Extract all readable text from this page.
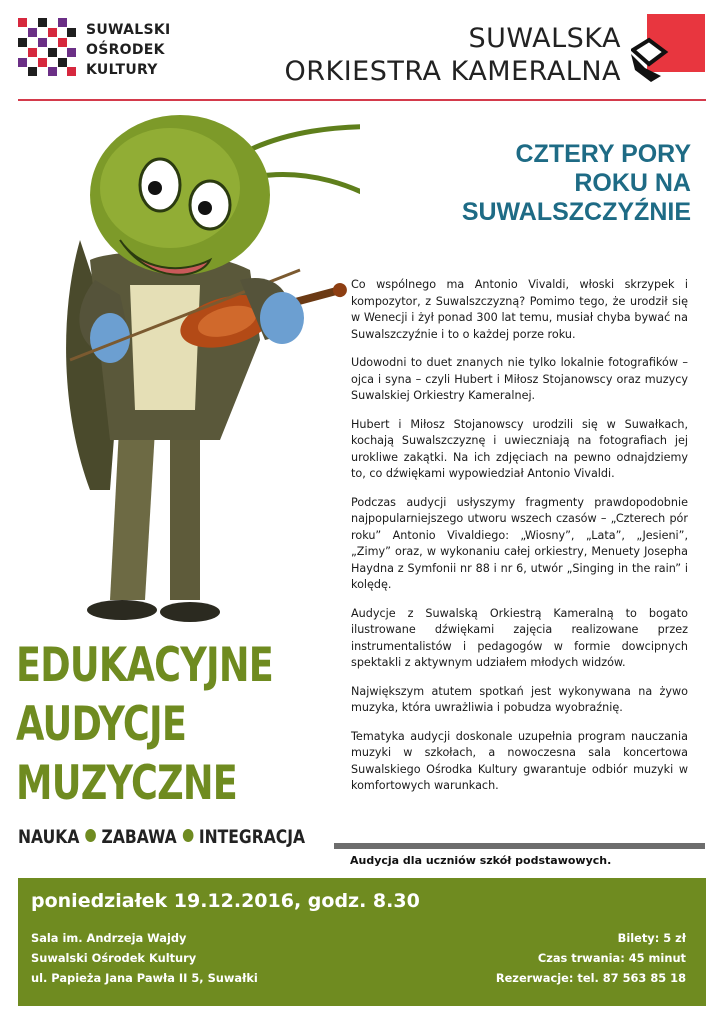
SUWALSKI
OŚRODEK
KULTURY
SUWALSKA
ORKIESTRA KAMERALNA
CZTERY PORY
ROKU NA
SUWALSZCZYŹNIE

Co wspólnego ma Antonio Vivaldi, włoski skrzypek i kompozytor, z Suwalszczyzną? Pomimo tego, że urodził się w Wenecji i żył ponad 300 lat temu, musiał chyba bywać na Suwalszczyźnie i to o każdej porze roku.

Udowodni to duet znanych nie tylko lokalnie fotografików – ojca i syna – czyli Hubert i Miłosz Stojanowscy oraz muzycy Suwalskiej Orkiestry Kameralnej.

Hubert i Miłosz Stojanowscy urodzili się w Suwałkach, kochają Suwalszczyznę i uwieczniają na fotografiach jej urokliwe zakątki. Na ich zdjęciach na pewno odnajdziemy to, co dźwiękami wypowiedział Antonio Vivaldi.

Podczas audycji usłyszymy fragmenty prawdopodobnie najpopularniejszego utworu wszech czasów – „Czterech pór roku” Antonio Vivaldiego: „Wiosny”, „Lata”, „Jesieni”, „Zimy” oraz, w wykonaniu całej orkiestry, Menuety Josepha Haydna z Symfonii nr 88 i nr 6, utwór „Singing in the rain” i kolędę.

Audycje z Suwalską Orkiestrą Kameralną to bogato ilustrowane dźwiękami zajęcia realizowane przez instrumentalistów i pedagogów w formie dowcipnych spektakli z aktywnym udziałem młodych widzów.

Największym atutem spotkań jest wykonywana na żywo muzyka, która uwrażliwia i pobudza wyobraźnię.

Tematyka audycji doskonale uzupełnia program nauczania muzyki w szkołach, a nowoczesna sala koncertowa Suwalskiego Ośrodka Kultury gwarantuje odbiór muzyki w komfortowych warunkach.

EDUKACYJNE
AUDYCJE
MUZYCZNE
NAUKA ZABAWA INTEGRACJA
Audycja dla uczniów szkół podstawowych.
poniedziałek 19.12.2016, godz. 8.30
Sala im. Andrzeja Wajdy
Suwalski Ośrodek Kultury
ul. Papieża Jana Pawła II 5, Suwałki
Bilety: 5 zł
Czas trwania: 45 minut
Rezerwacje: tel. 87 563 85 18
